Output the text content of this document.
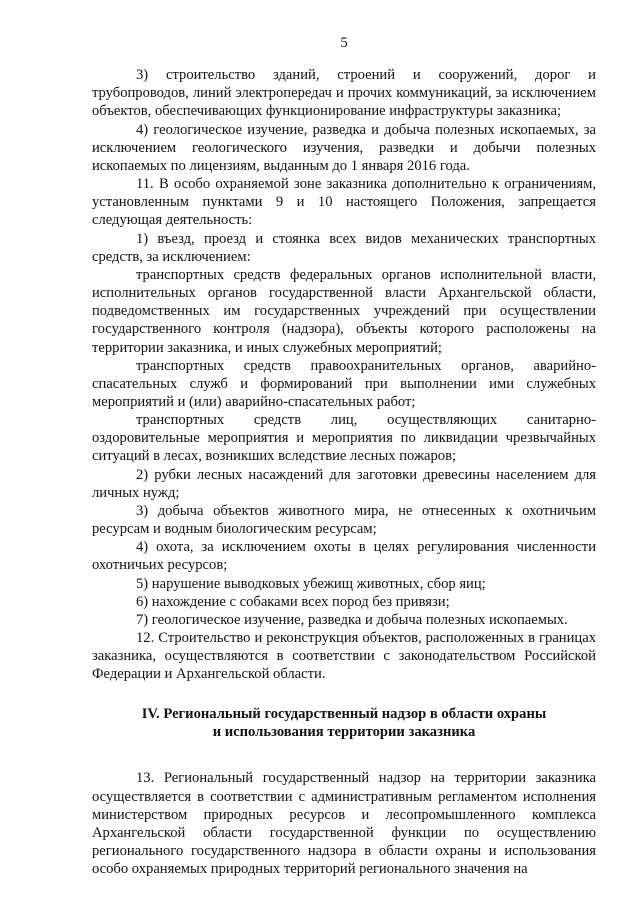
5

3) строительство зданий, строений и сооружений, дорог и трубопроводов, линий электропередач и прочих коммуникаций, за исключением объектов, обеспечивающих функционирование инфраструктуры заказника;

4) геологическое изучение, разведка и добыча полезных ископаемых, за исключением геологического изучения, разведки и добычи полезных ископаемых по лицензиям, выданным до 1 января 2016 года.

11. В особо охраняемой зоне заказника дополнительно к ограничениям, установленным пунктами 9 и 10 настоящего Положения, запрещается следующая деятельность:

1) въезд, проезд и стоянка всех видов механических транспортных средств, за исключением:

транспортных средств федеральных органов исполнительной власти, исполнительных органов государственной власти Архангельской области, подведомственных им государственных учреждений при осуществлении государственного контроля (надзора), объекты которого расположены на территории заказника, и иных служебных мероприятий;

транспортных средств правоохранительных органов, аварийно-спасательных служб и формирований при выполнении ими служебных мероприятий и (или) аварийно-спасательных работ;

транспортных средств лиц, осуществляющих санитарно-оздоровительные мероприятия и мероприятия по ликвидации чрезвычайных ситуаций в лесах, возникших вследствие лесных пожаров;

2) рубки лесных насаждений для заготовки древесины населением для личных нужд;

3) добыча объектов животного мира, не отнесенных к охотничьим ресурсам и водным биологическим ресурсам;

4) охота, за исключением охоты в целях регулирования численности охотничьих ресурсов;

5) нарушение выводковых убежищ животных, сбор яиц;

6) нахождение с собаками всех пород без привязи;

7) геологическое изучение, разведка и добыча полезных ископаемых.

12. Строительство и реконструкция объектов, расположенных в границах заказника, осуществляются в соответствии с законодательством Российской Федерации и Архангельской области.

IV. Региональный государственный надзор в области охраны
и использования территории заказника

13. Региональный государственный надзор на территории заказника осуществляется в соответствии с административным регламентом исполнения министерством природных ресурсов и лесопромышленного комплекса Архангельской области государственной функции по осуществлению регионального государственного надзора в области охраны и использования особо охраняемых природных территорий регионального значения на
